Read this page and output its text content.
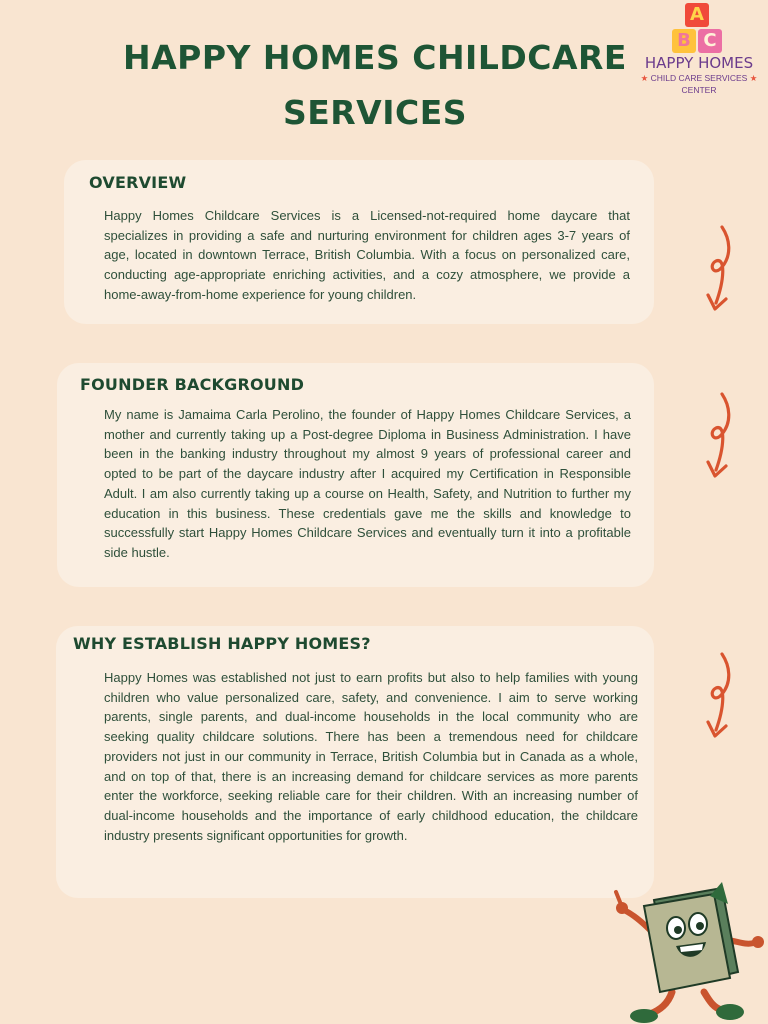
HAPPY HOMES CHILDCARE SERVICES
A
B C
HAPPY HOMES
★ CHILD CARE SERVICES ★
CENTER
OVERVIEW

Happy Homes Childcare Services is a Licensed-not-required home daycare that specializes in providing a safe and nurturing environment for children ages 3-7 years of age, located in downtown Terrace, British Columbia. With a focus on personalized care, conducting age-appropriate enriching activities, and a cozy atmosphere, we provide a home-away-from-home experience for young children.

FOUNDER BACKGROUND

My name is Jamaima Carla Perolino, the founder of Happy Homes Childcare Services, a mother and currently taking up a Post-degree Diploma in Business Administration. I have been in the banking industry throughout my almost 9 years of professional career and opted to be part of the daycare industry after I acquired my Certification in Responsible Adult. I am also currently taking up a course on Health, Safety, and Nutrition to further my education in this business. These credentials gave me the skills and knowledge to successfully start Happy Homes Childcare Services and eventually turn it into a profitable side hustle.

WHY ESTABLISH HAPPY HOMES?

Happy Homes was established not just to earn profits but also to help families with young children who value personalized care, safety, and convenience. I aim to serve working parents, single parents, and dual-income households in the local community who are seeking quality childcare solutions. There has been a tremendous need for childcare providers not just in our community in Terrace, British Columbia but in Canada as a whole, and on top of that, there is an increasing demand for childcare services as more parents enter the workforce, seeking reliable care for their children. With an increasing number of dual-income households and the importance of early childhood education, the childcare industry presents significant opportunities for growth.
